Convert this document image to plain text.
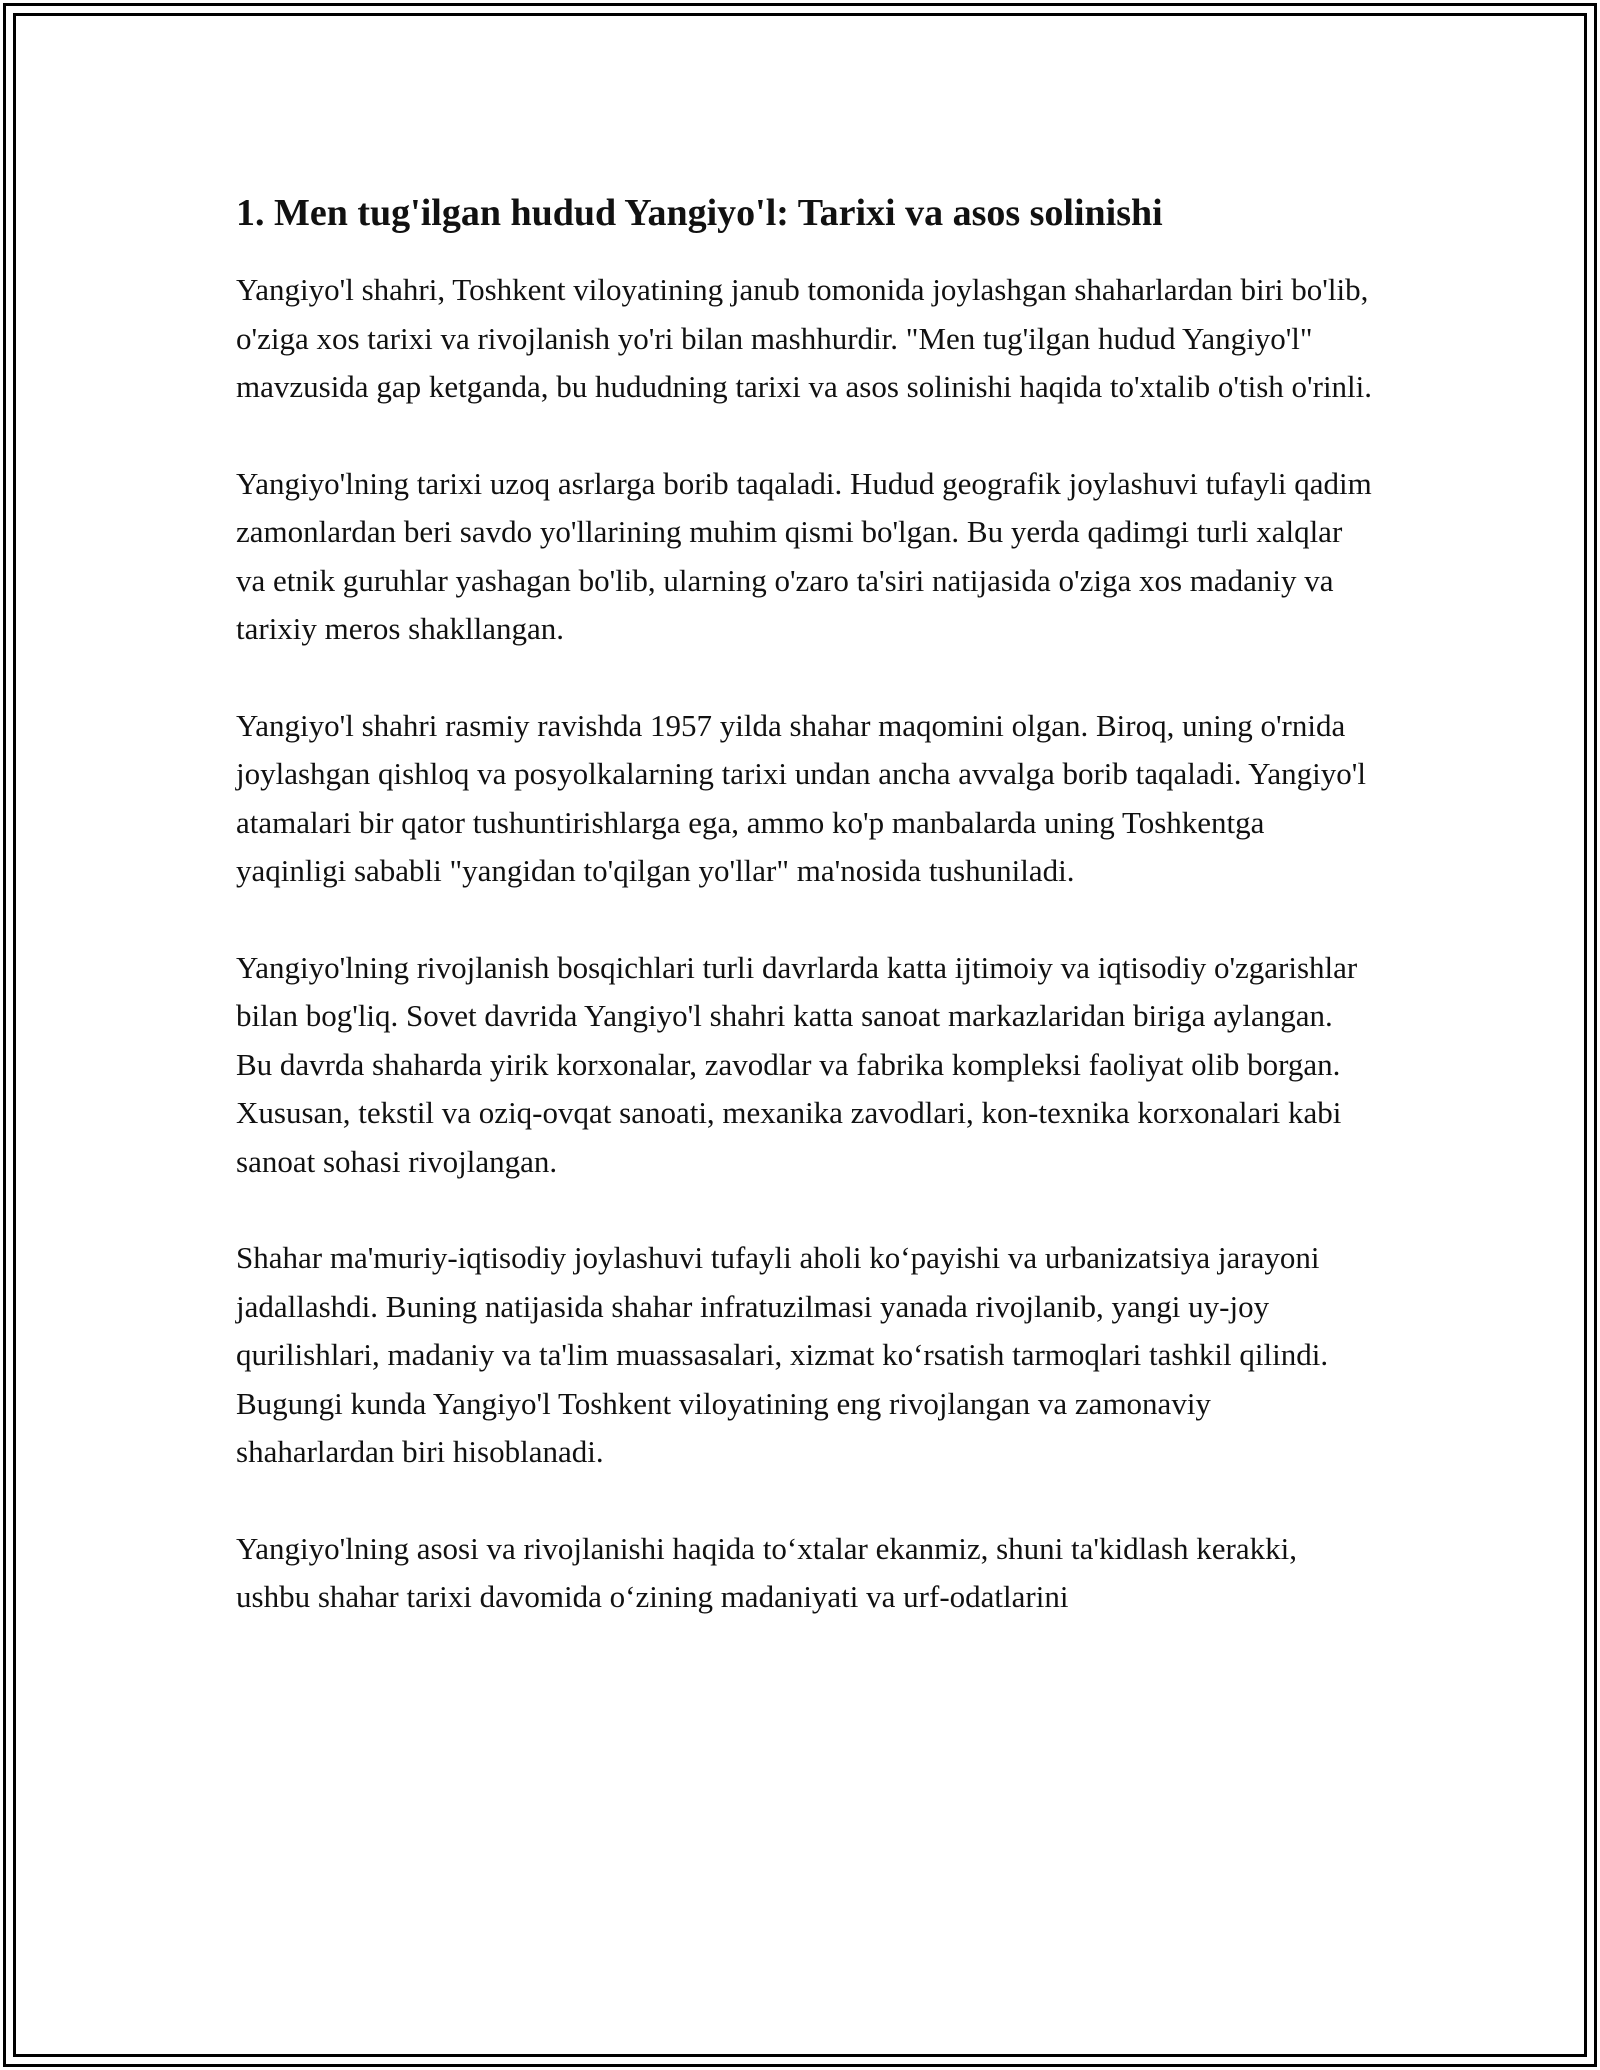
1. Men tug'ilgan hudud Yangiyo'l: Tarixi va asos solinishi

Yangiyo'l shahri, Toshkent viloyatining janub tomonida joylashgan shaharlardan biri bo'lib, o'ziga xos tarixi va rivojlanish yo'ri bilan mashhurdir. "Men tug'ilgan hudud Yangiyo'l" mavzusida gap ketganda, bu hududning tarixi va asos solinishi haqida to'xtalib o'tish o'rinli.

Yangiyo'lning tarixi uzoq asrlarga borib taqaladi. Hudud geografik joylashuvi tufayli qadim zamonlardan beri savdo yo'llarining muhim qismi bo'lgan. Bu yerda qadimgi turli xalqlar va etnik guruhlar yashagan bo'lib, ularning o'zaro ta'siri natijasida o'ziga xos madaniy va tarixiy meros shakllangan.

Yangiyo'l shahri rasmiy ravishda 1957 yilda shahar maqomini olgan. Biroq, uning o'rnida joylashgan qishloq va posyolkalarning tarixi undan ancha avvalga borib taqaladi. Yangiyo'l atamalari bir qator tushuntirishlarga ega, ammo ko'p manbalarda uning Toshkentga yaqinligi sababli "yangidan to'qilgan yo'llar" ma'nosida tushuniladi.

Yangiyo'lning rivojlanish bosqichlari turli davrlarda katta ijtimoiy va iqtisodiy o'zgarishlar bilan bog'liq. Sovet davrida Yangiyo'l shahri katta sanoat markazlaridan biriga aylangan. Bu davrda shaharda yirik korxonalar, zavodlar va fabrika kompleksi faoliyat olib borgan. Xususan, tekstil va oziq-ovqat sanoati, mexanika zavodlari, kon-texnika korxonalari kabi sanoat sohasi rivojlangan.

Shahar ma'muriy-iqtisodiy joylashuvi tufayli aholi ko‘payishi va urbanizatsiya jarayoni jadallashdi. Buning natijasida shahar infratuzilmasi yanada rivojlanib, yangi uy-joy qurilishlari, madaniy va ta'lim muassasalari, xizmat ko‘rsatish tarmoqlari tashkil qilindi. Bugungi kunda Yangiyo'l Toshkent viloyatining eng rivojlangan va zamonaviy shaharlardan biri hisoblanadi.

Yangiyo'lning asosi va rivojlanishi haqida to‘xtalar ekanmiz, shuni ta'kidlash kerakki, ushbu shahar tarixi davomida o‘zining madaniyati va urf-odatlarini
